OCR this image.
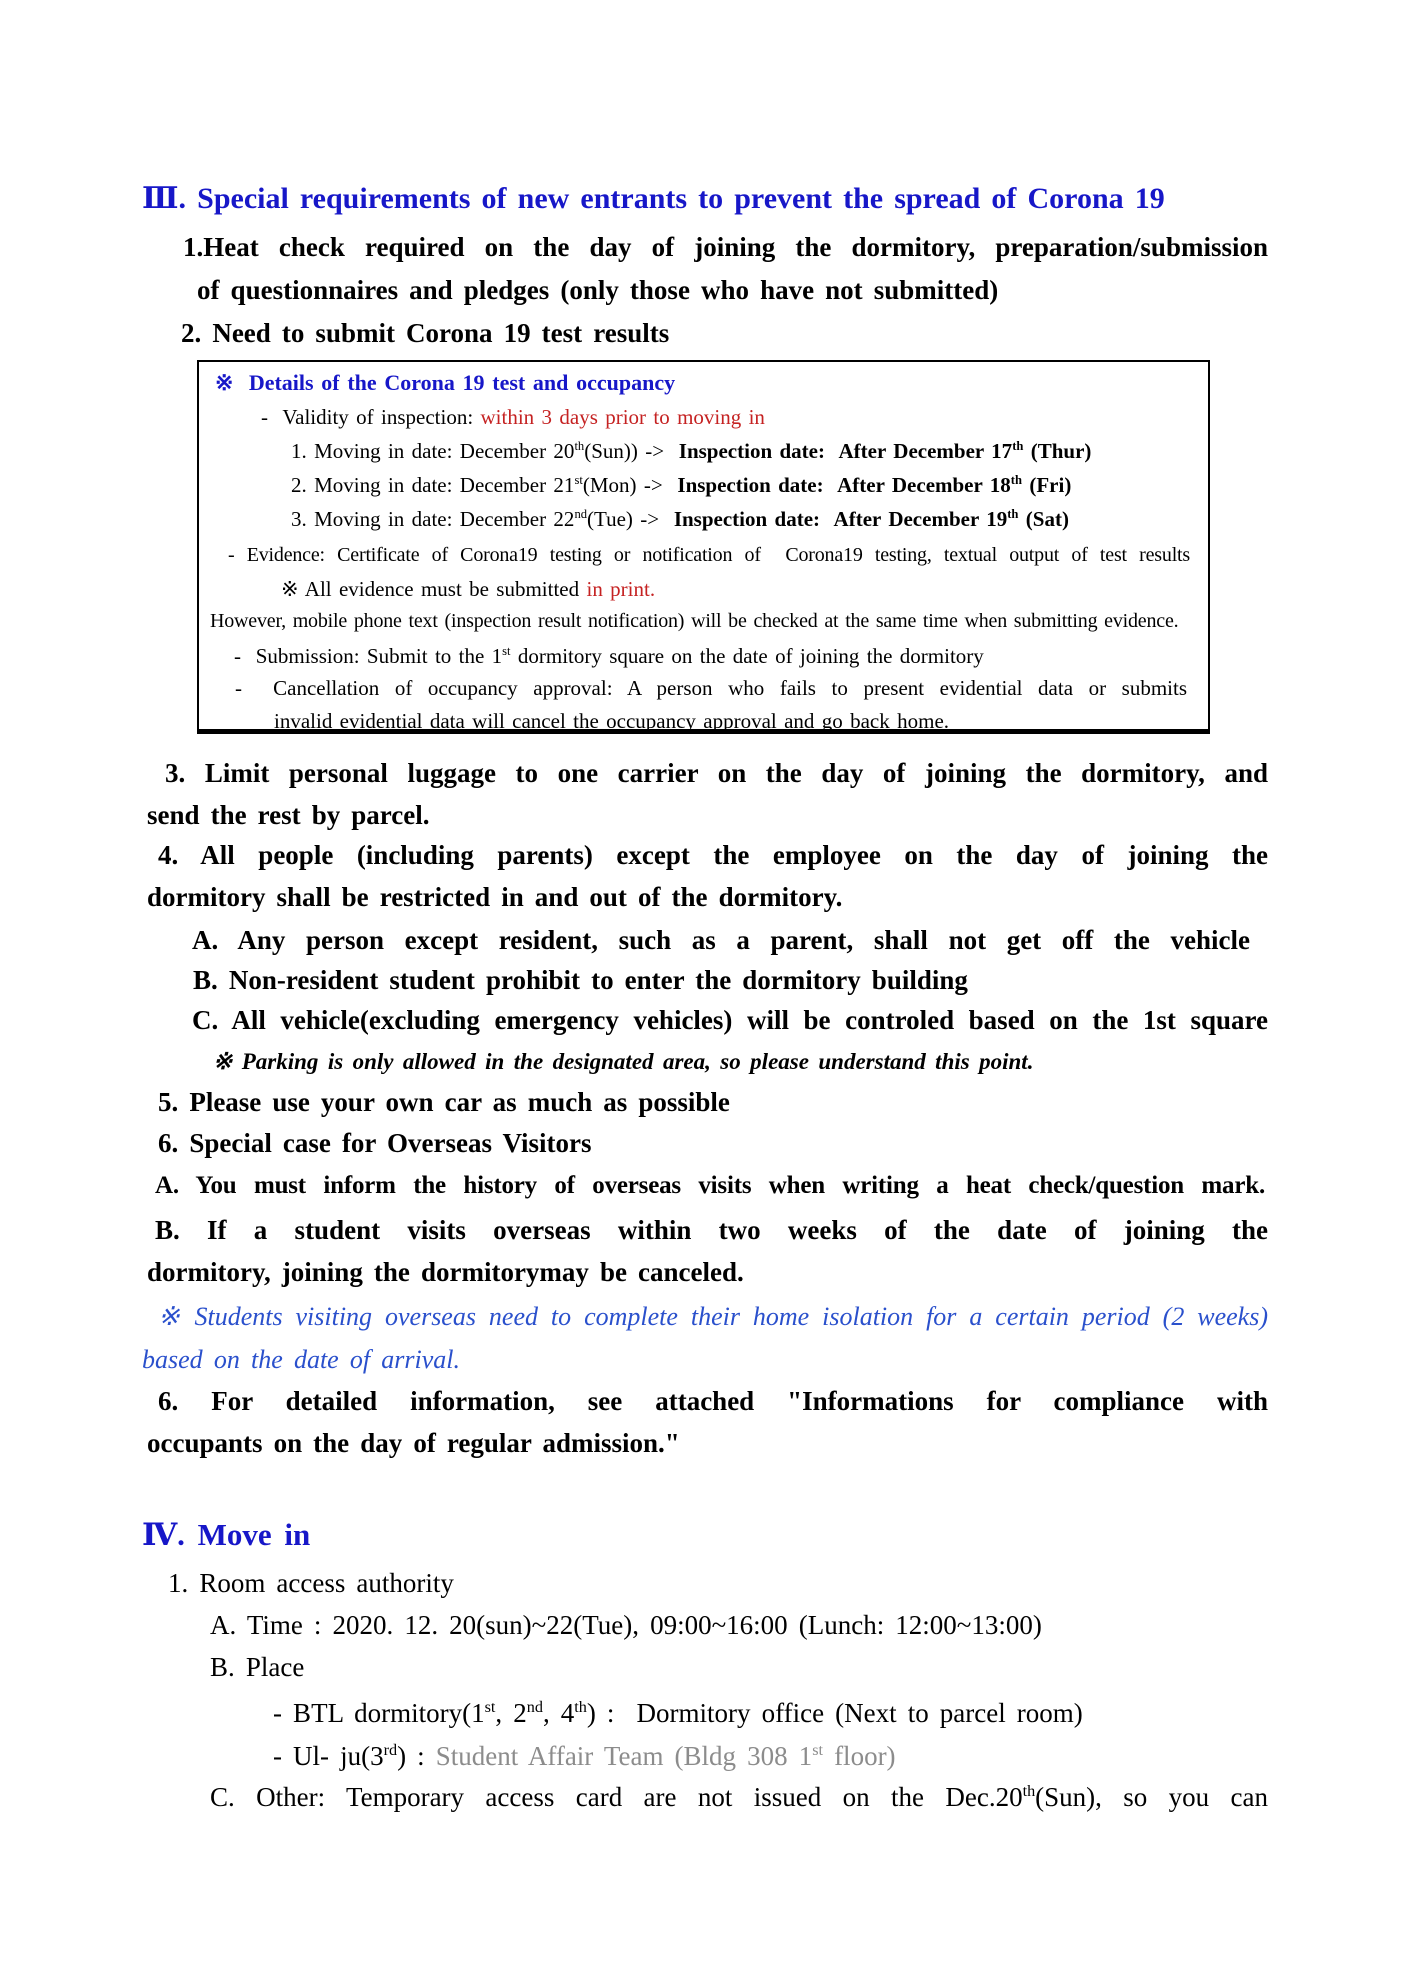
Ⅲ. Special requirements of new entrants to prevent the spread of Corona 19
1.Heat check required on the day of joining the dormitory, preparation/submission
of questionnaires and pledges (only those who have not submitted)
2. Need to submit Corona 19 test results
※  Details of the Corona 19 test and occupancy
-  Validity of inspection: within 3 days prior to moving in
1. Moving in date: December 20th(Sun)) ->  Inspection date:  After December 17th (Thur)
2. Moving in date: December 21st(Mon) ->  Inspection date:  After December 18th (Fri)
3. Moving in date: December 22nd(Tue) ->  Inspection date:  After December 19th (Sat)
- Evidence: Certificate of Corona19 testing or notification of  Corona19 testing, textual output of test results
※ All evidence must be submitted in print.
However, mobile phone text (inspection result notification) will be checked at the same time when submitting evidence.
-  Submission: Submit to the 1st dormitory square on the date of joining the dormitory
-  Cancellation of occupancy approval: A person who fails to present evidential data or submits
invalid evidential data will cancel the occupancy approval and go back home.
3. Limit personal luggage to one carrier on the day of joining the dormitory, and
send the rest by parcel.
4. All people (including parents) except the employee on the day of joining the
dormitory shall be restricted in and out of the dormitory.
A. Any person except resident, such as a parent, shall not get off the vehicle
B. Non-resident student prohibit to enter the dormitory building
C. All vehicle(excluding emergency vehicles) will be controled based on the 1st square
※ Parking is only allowed in the designated area, so please understand this point.
5. Please use your own car as much as possible
6. Special case for Overseas Visitors
A. You must inform the history of overseas visits when writing a heat check/question mark.
B. If a student visits overseas within two weeks of the date of joining the
dormitory, joining the dormitorymay be canceled.
※ Students visiting overseas need to complete their home isolation for a certain period (2 weeks)
based on the date of arrival.
6. For detailed information, see attached "Informations for compliance with
occupants on the day of regular admission."
Ⅳ. Move in
1. Room access authority
A. Time : 2020. 12. 20(sun)~22(Tue), 09:00~16:00 (Lunch: 12:00~13:00)
B. Place
- BTL dormitory(1st, 2nd, 4th) :  Dormitory office (Next to parcel room)
- Ul- ju(3rd) : Student Affair Team (Bldg 308 1st floor)
C. Other: Temporary access card are not issued on the Dec.20th(Sun), so you can
